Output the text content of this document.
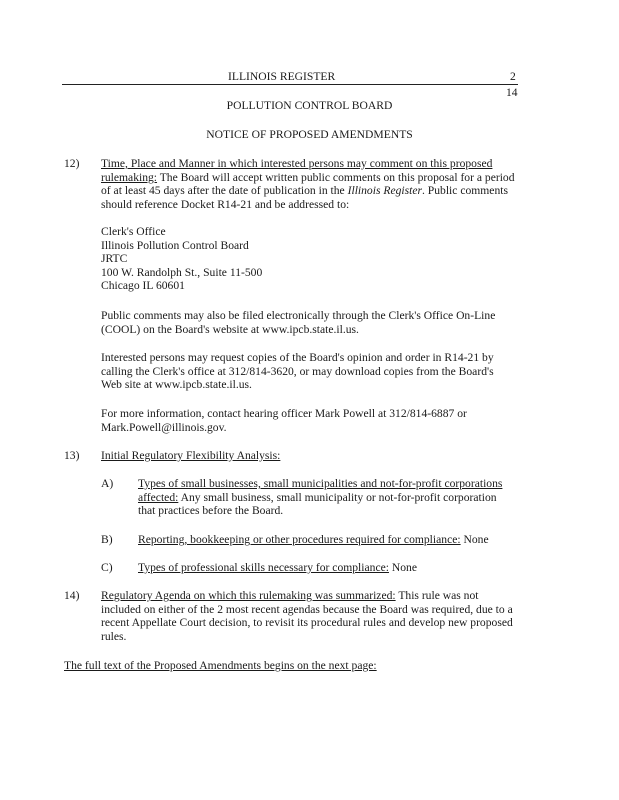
ILLINOIS REGISTER	2
14
POLLUTION CONTROL BOARD
NOTICE OF PROPOSED AMENDMENTS
12) Time, Place and Manner in which interested persons may comment on this proposed
rulemaking: The Board will accept written public comments on this proposal for a period
of at least 45 days after the date of publication in the Illinois Register. Public comments
should reference Docket R14-21 and be addressed to:
Clerk's Office
Illinois Pollution Control Board
JRTC
100 W. Randolph St., Suite 11-500
Chicago IL 60601
Public comments may also be filed electronically through the Clerk's Office On-Line
(COOL) on the Board's website at www.ipcb.state.il.us.
Interested persons may request copies of the Board's opinion and order in R14-21 by
calling the Clerk's office at 312/814-3620, or may download copies from the Board's
Web site at www.ipcb.state.il.us.
For more information, contact hearing officer Mark Powell at 312/814-6887 or
Mark.Powell@illinois.gov.
13) Initial Regulatory Flexibility Analysis:
A) Types of small businesses, small municipalities and not-for-profit corporations
affected: Any small business, small municipality or not-for-profit corporation
that practices before the Board.
B) Reporting, bookkeeping or other procedures required for compliance: None
C) Types of professional skills necessary for compliance: None
14) Regulatory Agenda on which this rulemaking was summarized: This rule was not
included on either of the 2 most recent agendas because the Board was required, due to a
recent Appellate Court decision, to revisit its procedural rules and develop new proposed
rules.
The full text of the Proposed Amendments begins on the next page:
